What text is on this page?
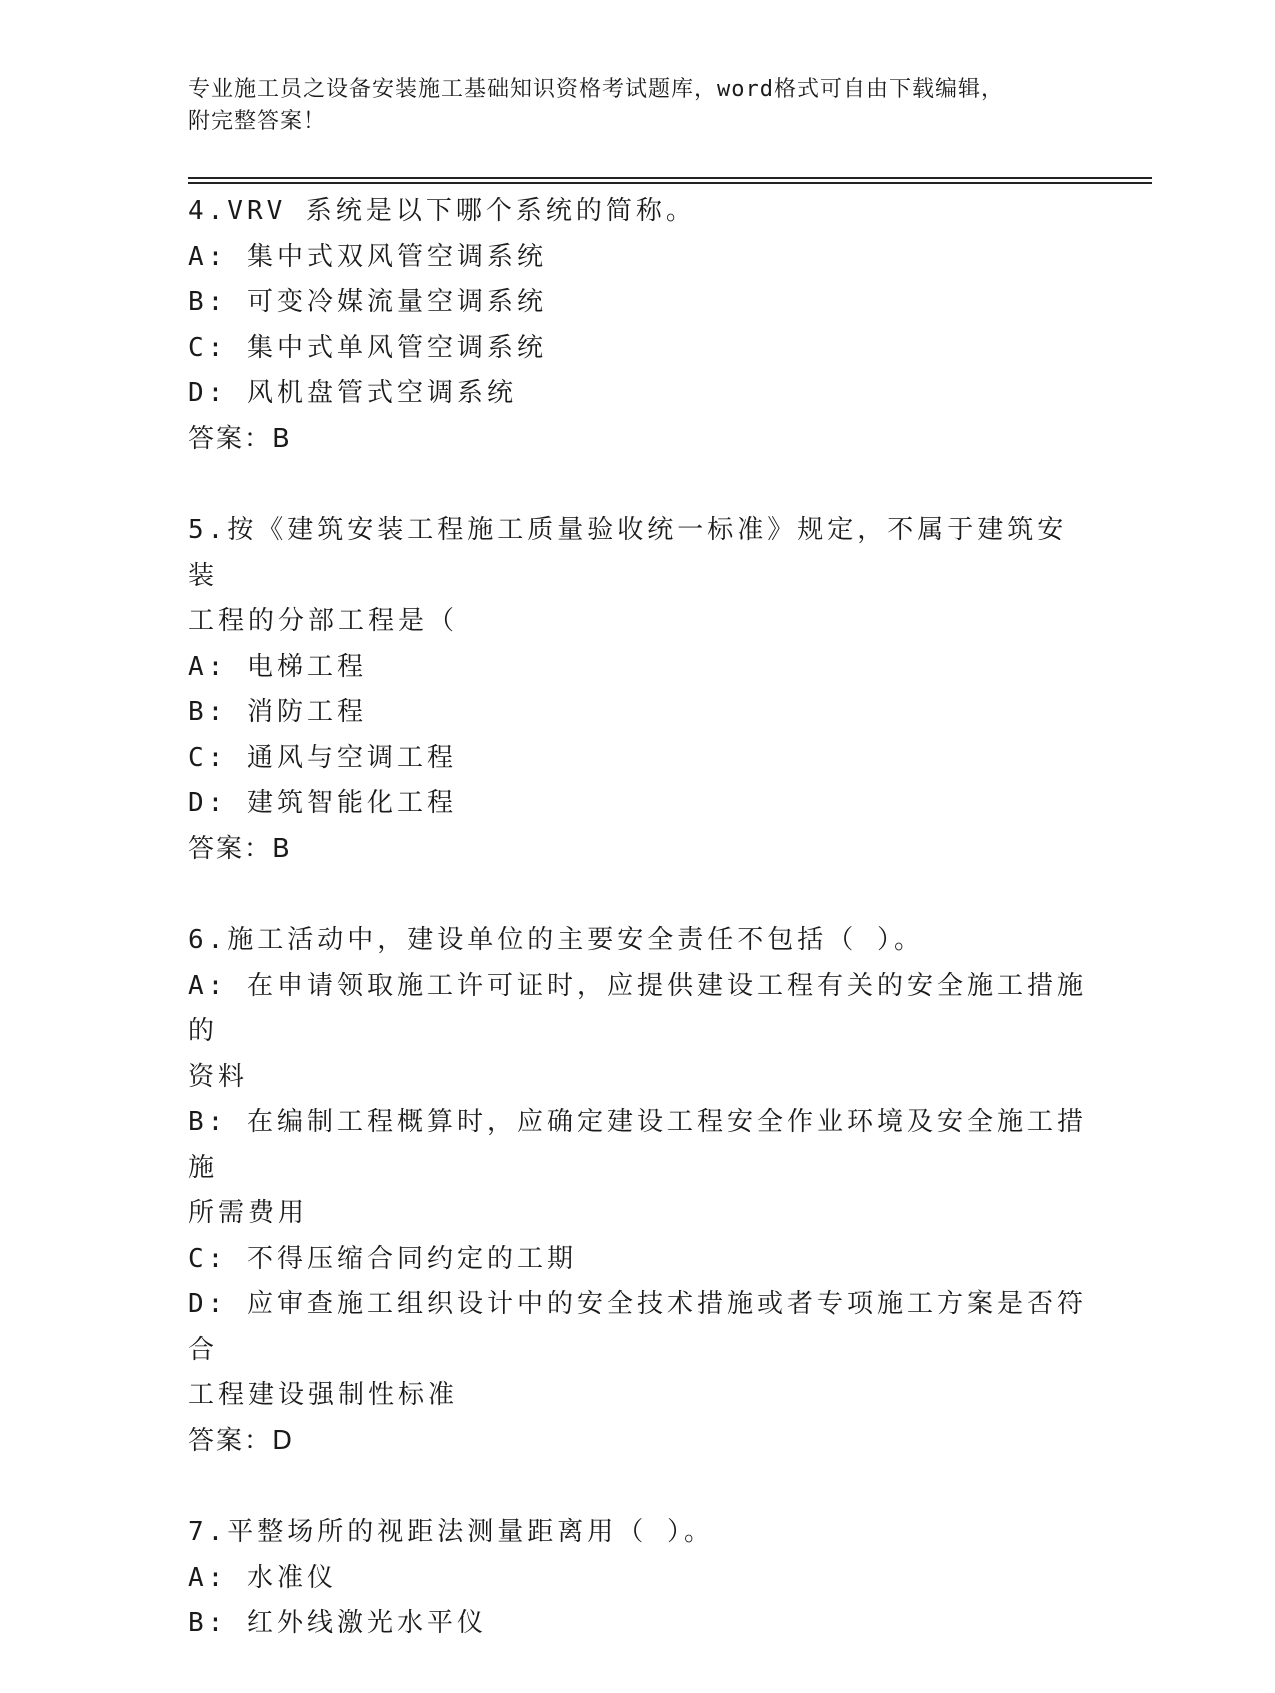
专业施工员之设备安装施工基础知识资格考试题库，word格式可自由下载编辑，
附完整答案！
4.VRV 系统是以下哪个系统的简称。
A: 集中式双风管空调系统
B: 可变冷媒流量空调系统
C: 集中式单风管空调系统
D: 风机盘管式空调系统
答案：B
5.按《建筑安装工程施工质量验收统一标准》规定，不属于建筑安装
工程的分部工程是（
A: 电梯工程
B: 消防工程
C: 通风与空调工程
D: 建筑智能化工程
答案：B
6.施工活动中，建设单位的主要安全责任不包括（ ）。
A: 在申请领取施工许可证时，应提供建设工程有关的安全施工措施的
资料
B: 在编制工程概算时，应确定建设工程安全作业环境及安全施工措施
所需费用
C: 不得压缩合同约定的工期
D: 应审查施工组织设计中的安全技术措施或者专项施工方案是否符合
工程建设强制性标准
答案：D
7.平整场所的视距法测量距离用（ ）。
A: 水准仪
B: 红外线激光水平仪
